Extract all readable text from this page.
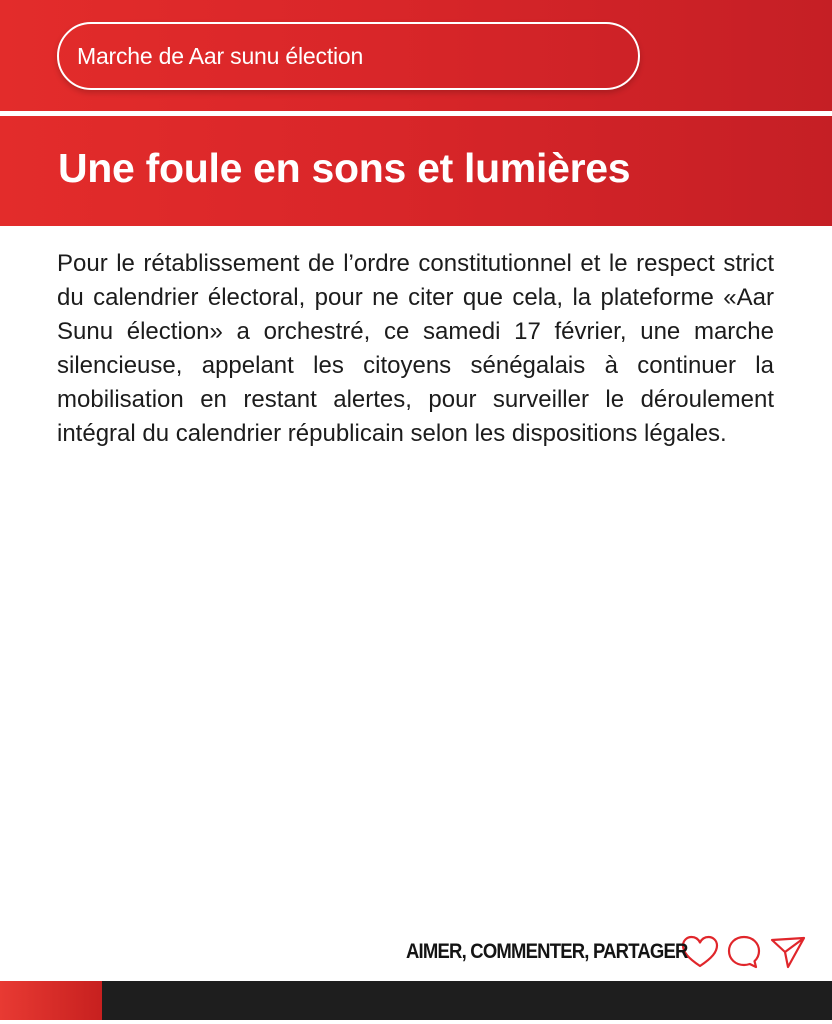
Marche de Aar sunu élection
Une foule en sons et lumières

Pour le rétablissement de l’ordre constitutionnel et le respect strict du calendrier électoral, pour ne citer que cela, la plateforme «Aar Sunu élection» a orchestré, ce samedi 17 février, une marche silencieuse, appelant les citoyens sénégalais à continuer la mobilisation en restant alertes, pour surveiller le déroulement intégral du calendrier républicain selon les dispositions légales.

AIMER, COMMENTER, PARTAGER
